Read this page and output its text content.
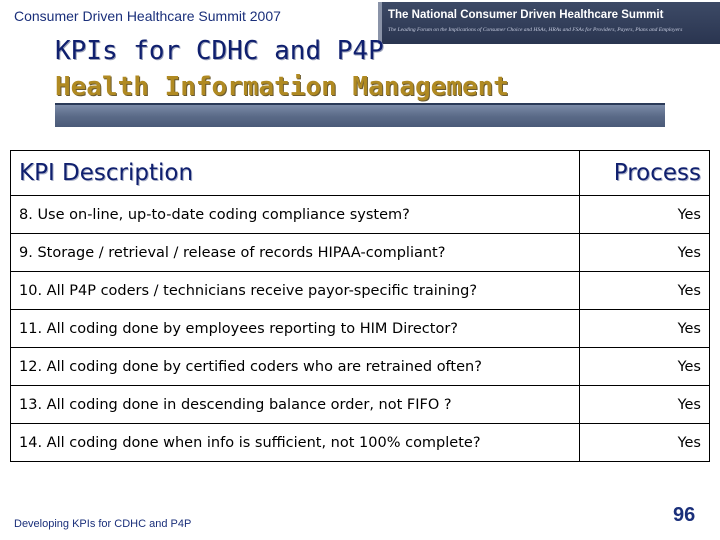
Consumer Driven Healthcare Summit 2007	The National Consumer Driven Healthcare Summit
The Leading Forum on the Implications of Consumer Choice and HSAs, HRAs and FSAs for Providers, Payers, Plans and Employers
KPIs for CDHC and P4P
Health Information Management
KPI Description	Process
8. Use on-line, up-to-date coding compliance system?	Yes
9. Storage / retrieval / release of records HIPAA-compliant?	Yes
10. All P4P coders / technicians receive payor-specific training?	Yes
11. All coding done by employees reporting to HIM Director?	Yes
12. All coding done by certified coders who are retrained often?	Yes
13. All coding done in descending balance order, not FIFO ?	Yes
14. All coding done when info is sufficient, not 100% complete?	Yes
Developing KPIs for CDHC and P4P	96
